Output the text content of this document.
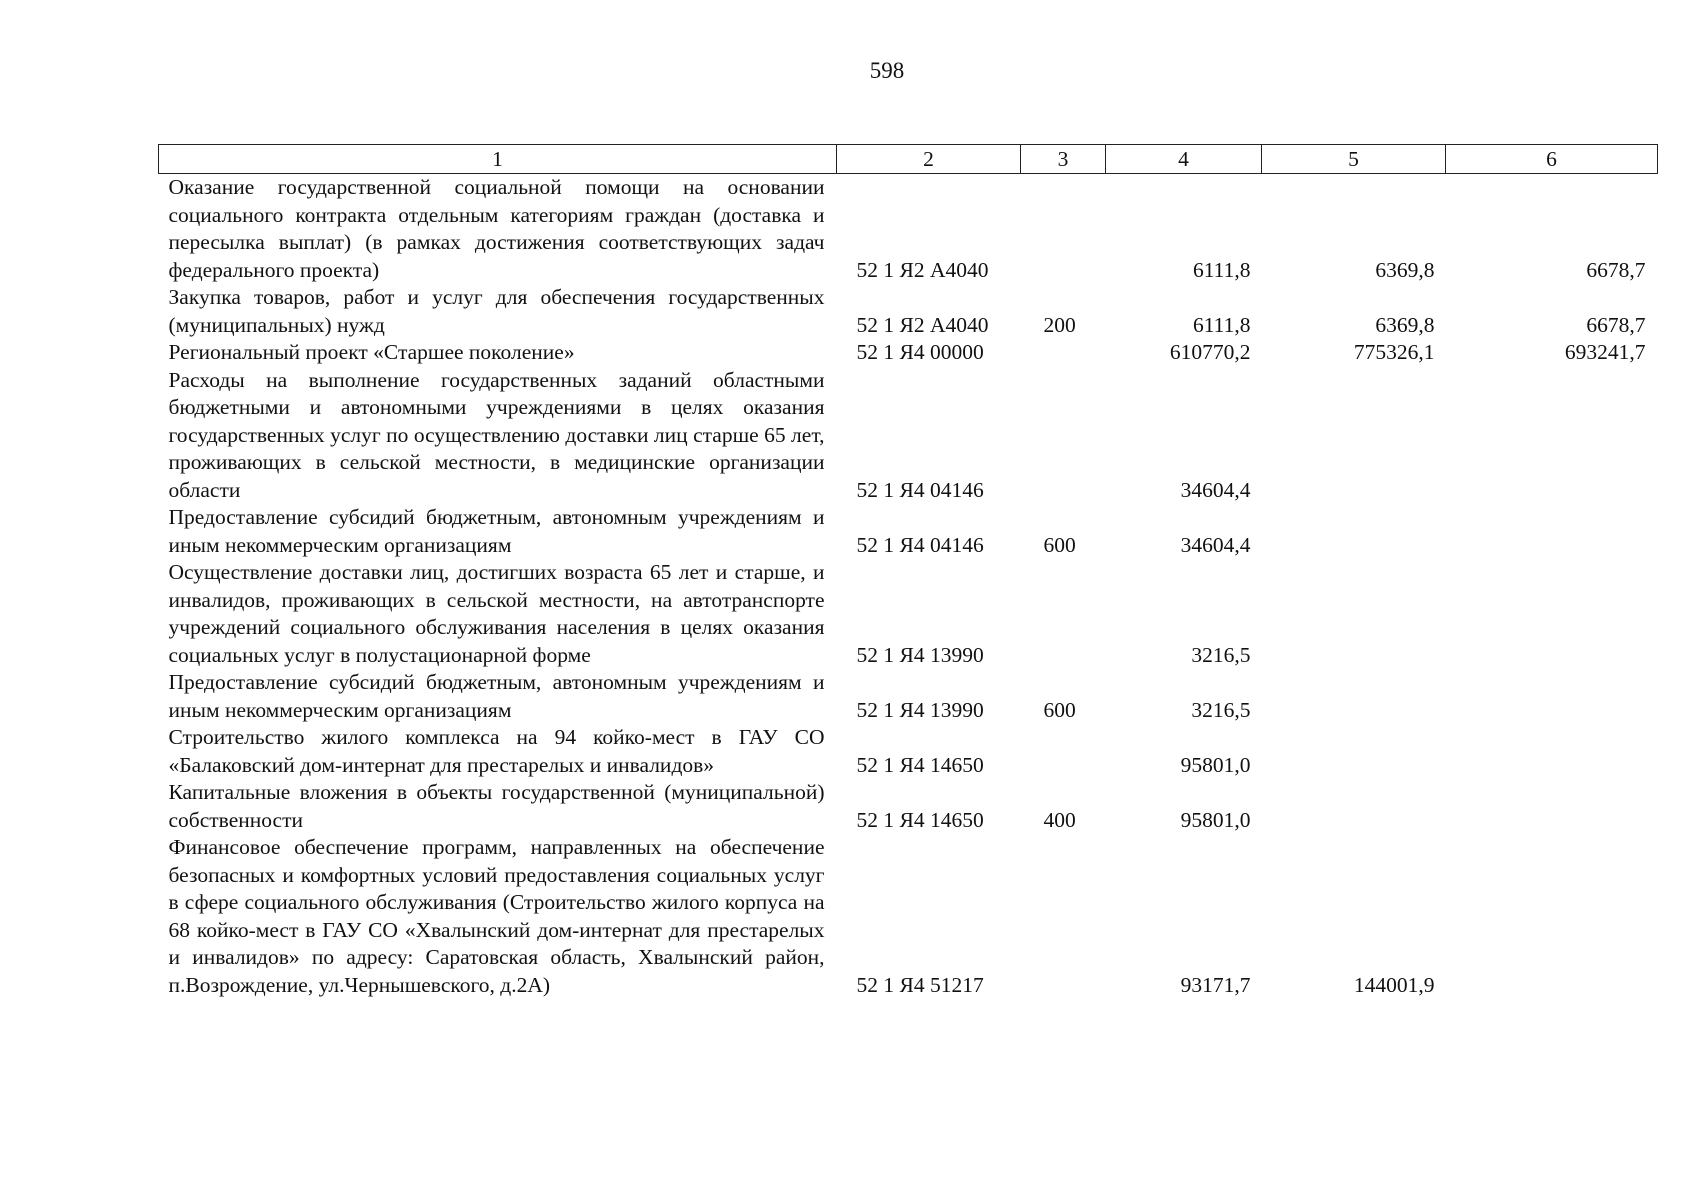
598
1	2	3	4	5	6
Оказание государственной социальной помощи на основании социального контракта отдельным категориям граждан (доставка и пересылка выплат) (в рамках достижения соответствующих задач федерального проекта)	52 1 Я2 А4040		6111,8	6369,8	6678,7
Закупка товаров, работ и услуг для обеспечения государственных (муниципальных) нужд	52 1 Я2 А4040	200	6111,8	6369,8	6678,7
Региональный проект «Старшее поколение»	52 1 Я4 00000		610770,2	775326,1	693241,7
Расходы на выполнение государственных заданий областными бюджетными и автономными учреждениями в целях оказания государственных услуг по осуществлению доставки лиц старше 65 лет, проживающих в сельской местности, в медицинские организации области	52 1 Я4 04146		34604,4		
Предоставление субсидий бюджетным, автономным учреждениям и иным некоммерческим организациям	52 1 Я4 04146	600	34604,4		
Осуществление доставки лиц, достигших возраста 65 лет и старше, и инвалидов, проживающих в сельской местности, на автотранспорте учреждений социального обслуживания населения в целях оказания социальных услуг в полустационарной форме	52 1 Я4 13990		3216,5		
Предоставление субсидий бюджетным, автономным учреждениям и иным некоммерческим организациям	52 1 Я4 13990	600	3216,5		
Строительство жилого комплекса на 94 койко-мест в ГАУ СО «Балаковский дом-интернат для престарелых и инвалидов»	52 1 Я4 14650		95801,0		
Капитальные вложения в объекты государственной (муниципальной) собственности	52 1 Я4 14650	400	95801,0		
Финансовое обеспечение программ, направленных на обеспечение безопасных и комфортных условий предоставления социальных услуг в сфере социального обслуживания (Строительство жилого корпуса на 68 койко-мест в ГАУ СО «Хвалынский дом-интернат для престарелых и инвалидов» по адресу: Саратовская область, Хвалынский район, п.Возрождение, ул.Чернышевского, д.2А)	52 1 Я4 51217		93171,7	144001,9	
